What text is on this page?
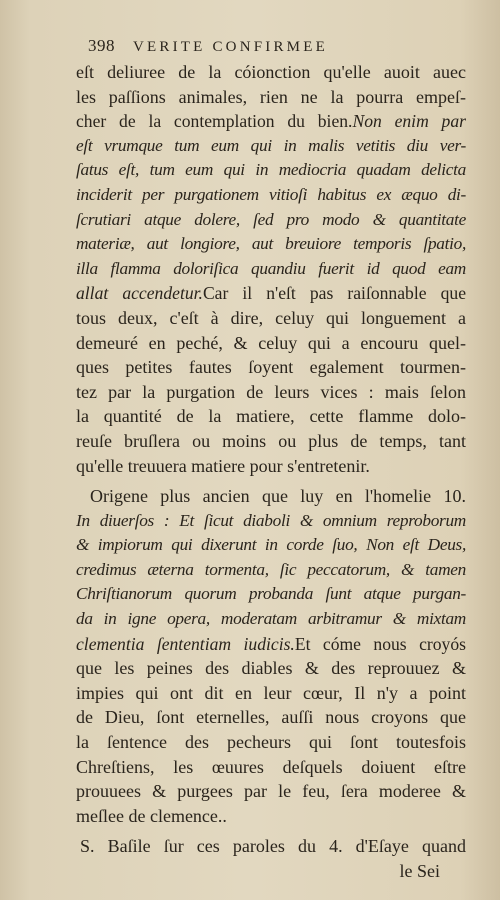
398 VERITE CONFIRMEE
eſt deliuree de la cóionction qu'elle auoit auec
les paſſions animales, rien ne la pourra empeſ-
cher de la contemplation du bien.Non enim par
eſt vrumque tum eum qui in malis vetitis diu ver-
ſatus eſt, tum eum qui in mediocria quadam delicta
inciderit per purgationem vitioſi habitus ex æquo di-
ſcrutiari atque dolere, ſed pro modo & quantitate
materiæ, aut longiore, aut breuiore temporis ſpatio,
illa flamma doloriſica quandiu fuerit id quod eam
allat accendetur.Car il n'eſt pas raiſonnable que
tous deux, c'eſt à dire, celuy qui longuement a
demeuré en peché, & celuy qui a encouru quel-
ques petites fautes ſoyent egalement tourmen-
tez par la purgation de leurs vices : mais ſelon
la quantité de la matiere, cette flamme dolo-
reuſe bruſlera ou moins ou plus de temps, tant
qu'elle treuuera matiere pour s'entretenir.
Origene plus ancien que luy en l'homelie 10.
In diuerſos : Et ſicut diaboli & omnium reproborum
& impiorum qui dixerunt in corde ſuo, Non eſt Deus,
credimus æterna tormenta, ſic peccatorum, & tamen
Chriſtianorum quorum probanda ſunt atque purgan-
da in igne opera, moderatam arbitramur & mixtam
clementia ſententiam iudicis.Et cóme nous croyós
que les peines des diables & des reprouuez &
impies qui ont dit en leur cœur, Il n'y a point
de Dieu, ſont eternelles, auſſi nous croyons que
la ſentence des pecheurs qui ſont toutesfois
Chreſtiens, les œuures deſquels doiuent eſtre
prouuees & purgees par le feu, ſera moderee &
meſlee de clemence..
S. Baſile ſur ces paroles du 4. d'Eſaye quand
le Sei
